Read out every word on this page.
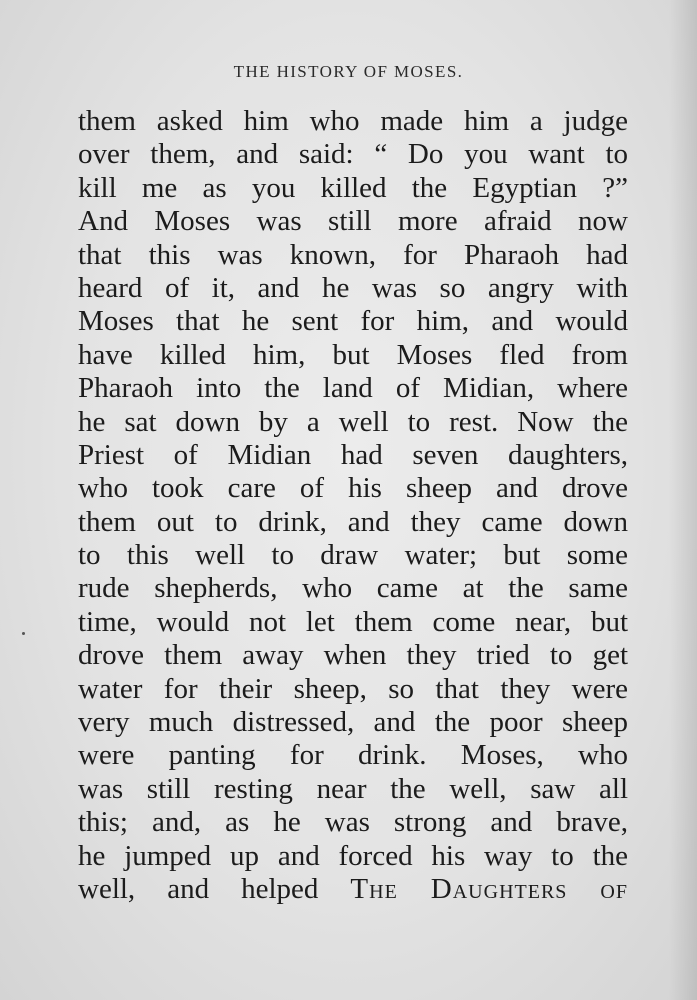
THE HISTORY OF MOSES.
them asked him who made him a judge
over them, and said: “ Do you want to
kill me as you killed the Egyptian ?”
And Moses was still more afraid now
that this was known, for Pharaoh had
heard of it, and he was so angry with
Moses that he sent for him, and would
have killed him, but Moses fled from
Pharaoh into the land of Midian, where
he sat down by a well to rest. Now the
Priest of Midian had seven daughters,
who took care of his sheep and drove
them out to drink, and they came down
to this well to draw water; but some
rude shepherds, who came at the same
time, would not let them come near, but
drove them away when they tried to get
water for their sheep, so that they were
very much distressed, and the poor sheep
were panting for drink. Moses, who
was still resting near the well, saw all
this; and, as he was strong and brave,
he jumped up and forced his way to the
well, and helped The Daughters of
